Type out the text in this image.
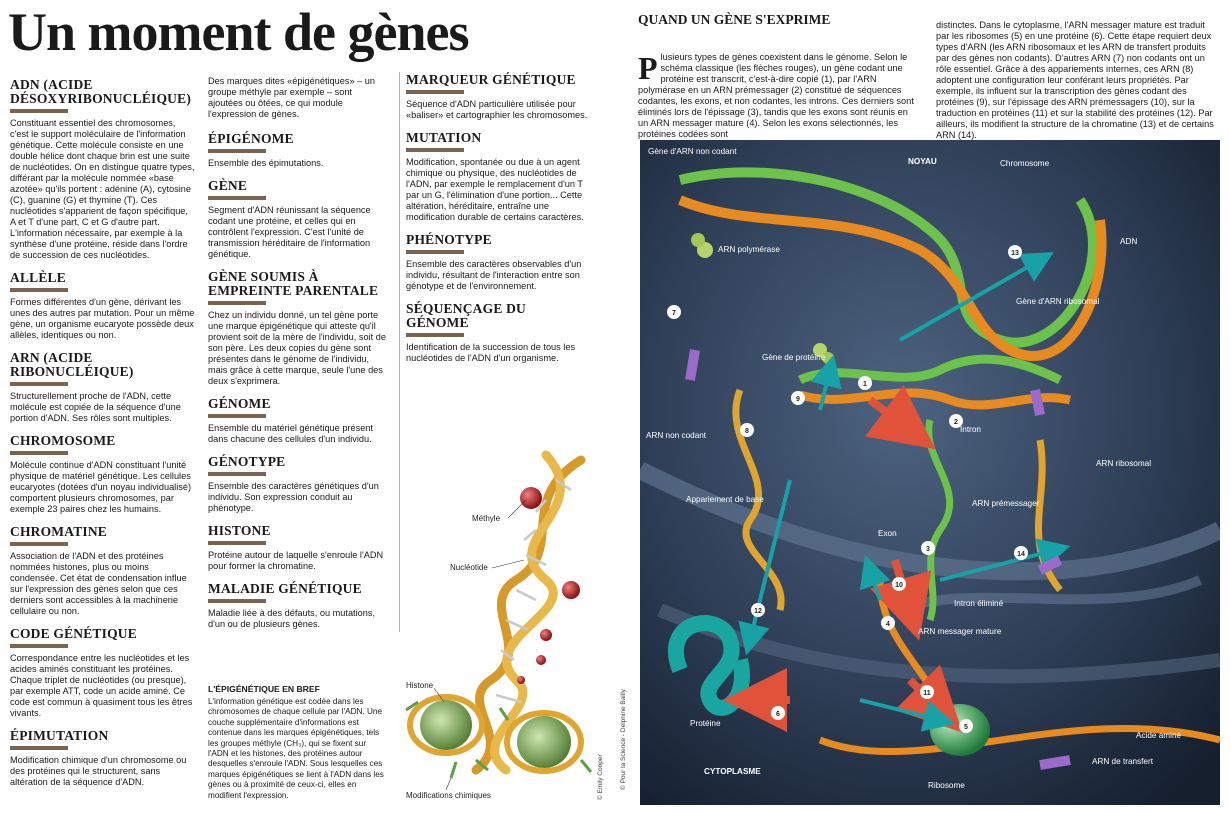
Un moment de gènes
ADN (ACIDE DÉSOXYRIBONUCLÉIQUE)

Constituant essentiel des chromosomes, c'est le support moléculaire de l'information génétique. Cette molécule consiste en une double hélice dont chaque brin est une suite de nucléotides. On en distingue quatre types, différant par la molécule nommée «base azotée» qu'ils portent : adénine (A), cytosine (C), guanine (G) et thymine (T). Ces nucléotides s'apparient de façon spécifique, A et T d'une part, C et G d'autre part. L'information nécessaire, par exemple à la synthèse d'une protéine, réside dans l'ordre de succession de ces nucléotides.

ALLÈLE

Formes différentes d'un gène, dérivant les unes des autres par mutation. Pour un même gène, un organisme eucaryote possède deux allèles, identiques ou non.

ARN (ACIDE RIBONUCLÉIQUE)

Structurellement proche de l'ADN, cette molécule est copiée de la séquence d'une portion d'ADN. Ses rôles sont multiples.

CHROMOSOME

Molécule continue d'ADN constituant l'unité physique de matériel génétique. Les cellules eucaryotes (dotées d'un noyau individualisé) comportent plusieurs chromosomes, par exemple 23 paires chez les humains.

CHROMATINE

Association de l'ADN et des protéines nommées histones, plus ou moins condensée. Cet état de condensation influe sur l'expression des gènes selon que ces derniers sont accessibles à la machinerie cellulaire ou non.

CODE GÉNÉTIQUE

Correspondance entre les nucléotides et les acides aminés constituant les protéines. Chaque triplet de nucléotides (ou presque), par exemple ATT, code un acide aminé. Ce code est commun à quasiment tous les êtres vivants.

ÉPIMUTATION

Modification chimique d'un chromosome ou des protéines qui le structurent, sans altération de la séquence d'ADN.

Des marques dites «épigénétiques» – un groupe méthyle par exemple – sont ajoutées ou ôtées, ce qui module l'expression de gènes.

ÉPIGÉNOME

Ensemble des épimutations.

GÈNE

Segment d'ADN réunissant la séquence codant une protéine, et celles qui en contrôlent l'expression. C'est l'unité de transmission héréditaire de l'information génétique.

GÈNE SOUMIS À EMPREINTE PARENTALE

Chez un individu donné, un tel gène porte une marque épigénétique qui atteste qu'il provient soit de la mère de l'individu, soit de son père. Les deux copies du gène sont présentes dans le génome de l'individu, mais grâce à cette marque, seule l'une des deux s'exprimera.

GÉNOME

Ensemble du matériel génétique présent dans chacune des cellules d'un individu.

GÉNOTYPE

Ensemble des caractères génétiques d'un individu. Son expression conduit au phénotype.

HISTONE

Protéine autour de laquelle s'enroule l'ADN pour former la chromatine.

MALADIE GÉNÉTIQUE

Maladie liée à des défauts, ou mutations, d'un ou de plusieurs gènes.

MARQUEUR GÉNÉTIQUE

Séquence d'ADN particulière utilisée pour «baliser» et cartographier les chromosomes.

MUTATION

Modification, spontanée ou due à un agent chimique ou physique, des nucléotides de l'ADN, par exemple le remplacement d'un T par un G, l'élimination d'une portion... Cette altération, héréditaire, entraîne une modification durable de certains caractères.

PHÉNOTYPE

Ensemble des caractères observables d'un individu, résultant de l'interaction entre son génotype et de l'environnement.

SÉQUENÇAGE DU GÉNOME

Identification de la succession de tous les nucléotides de l'ADN d'un organisme.

L'ÉPIGÉNÉTIQUE EN BREF

L'information génétique est codée dans les chromosomes de chaque cellule par l'ADN. Une couche supplémentaire d'informations est contenue dans les marques épigénétiques, tels les groupes méthyle (CH₃), qui se fixent sur l'ADN et les histones, des protéines autour desquelles s'enroule l'ADN. Sous lesquelles ces marques épigénétiques se lient à l'ADN dans les gènes ou à proximité de ceux-ci, elles en modifient l'expression.

Méthyle
Nucléotide
Histone
Modifications chimiques	© Emily Cooper © Pour la Science - Delphine Bailly
QUAND UN GÈNE S'EXPRIME
P lusieurs types de gènes coexistent dans le génome. Selon le schéma classique (les flèches rouges), un gène codant une protéine est transcrit, c'est-à-dire copié (1), par l'ARN polymérase en un ARN prémessager (2) constitué de séquences codantes, les exons, et non codantes, les introns. Ces derniers sont éliminés lors de l'épissage (3), tandis que les exons sont réunis en un ARN messager mature (4). Selon les exons sélectionnés, les protéines codées sont
distinctes. Dans le cytoplasme, l'ARN messager mature est traduit par les ribosomes (5) en une protéine (6). Cette étape requiert deux types d'ARN (les ARN ribosomaux et les ARN de transfert produits par des gènes non codants). D'autres ARN (7) non codants ont un rôle essentiel. Grâce à des appariements internes, ces ARN (8) adoptent une configuration leur conférant leurs propriétés. Par exemple, ils influent sur la transcription des gènes codant des protéines (9), sur l'épissage des ARN prémessagers (10), sur la traduction en protéines (11) et sur la stabilité des protéines (12). Par ailleurs, ils modifient la structure de la chromatine (13) et de certains ARN (14).
Gène d'ARN non codant
NOYAU	Chromosome
ADN
ARN polymérase
Gène d'ARN ribosomal
Gène de protéine
Intron
ARN non codant
ARN ribosomal
Appariement de base	ARN prémessager
Exon
Intron éliminé
ARN messager mature
Protéine
CYTOPLASME
Ribosome
Acide aminé
ARN de transfert
1
2
3
4
5
6
7
8
9
10
11
12
13
14
